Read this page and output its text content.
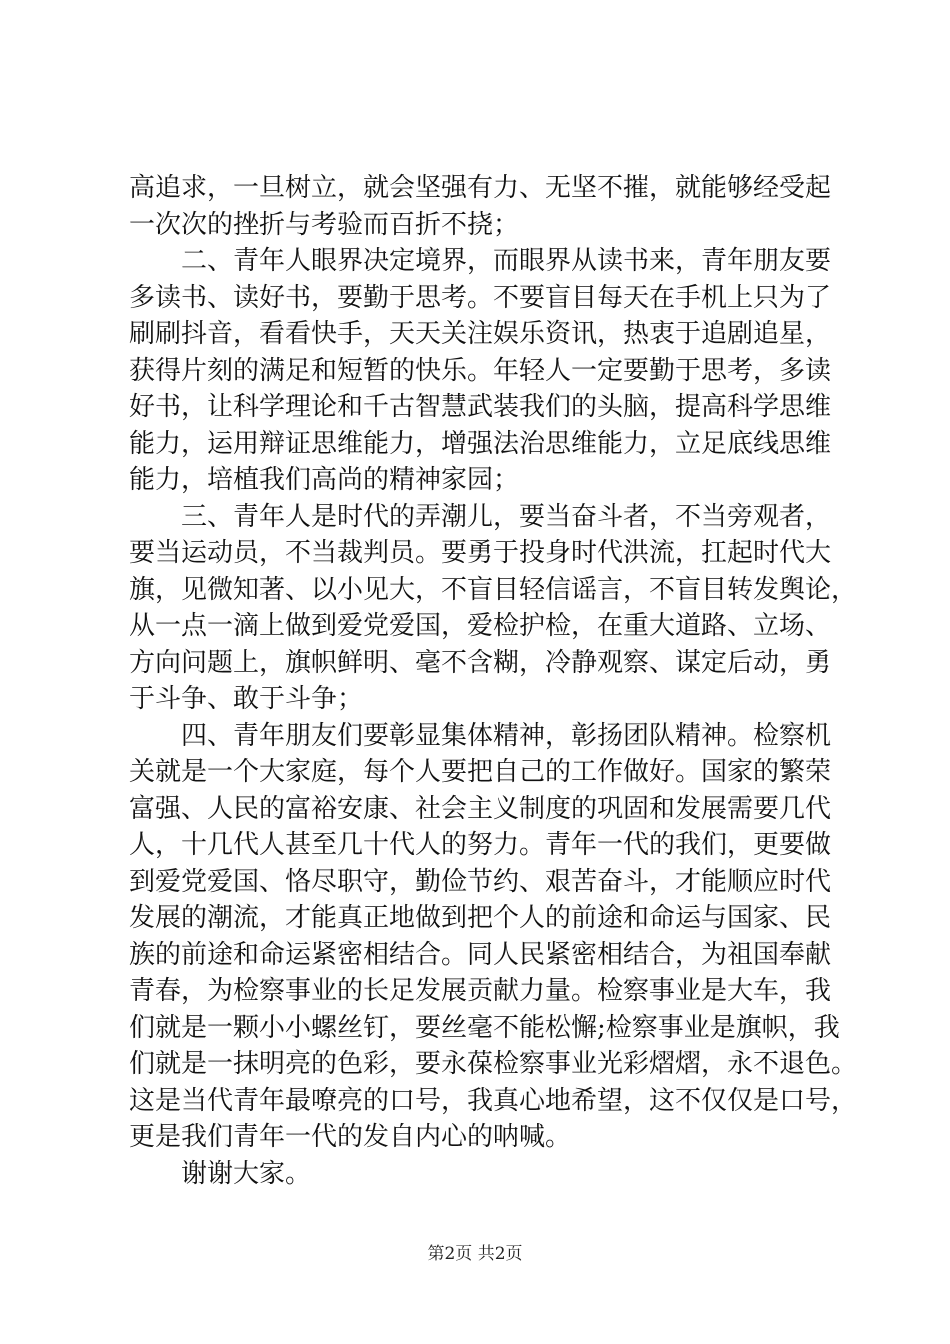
高追求，一旦树立，就会坚强有力、无坚不摧，就能够经受起
一次次的挫折与考验而百折不挠；
二、青年人眼界决定境界，而眼界从读书来，青年朋友要
多读书、读好书，要勤于思考。不要盲目每天在手机上只为了
刷刷抖音，看看快手，天天关注娱乐资讯，热衷于追剧追星，
获得片刻的满足和短暂的快乐。年轻人一定要勤于思考，多读
好书，让科学理论和千古智慧武装我们的头脑，提高科学思维
能力，运用辩证思维能力，增强法治思维能力，立足底线思维
能力，培植我们高尚的精神家园；
三、青年人是时代的弄潮儿，要当奋斗者，不当旁观者，
要当运动员，不当裁判员。要勇于投身时代洪流，扛起时代大
旗，见微知著、以小见大，不盲目轻信谣言，不盲目转发舆论，
从一点一滴上做到爱党爱国，爱检护检，在重大道路、立场、
方向问题上，旗帜鲜明、毫不含糊，冷静观察、谋定后动，勇
于斗争、敢于斗争；
四、青年朋友们要彰显集体精神，彰扬团队精神。检察机
关就是一个大家庭，每个人要把自己的工作做好。国家的繁荣
富强、人民的富裕安康、社会主义制度的巩固和发展需要几代
人，十几代人甚至几十代人的努力。青年一代的我们，更要做
到爱党爱国、恪尽职守，勤俭节约、艰苦奋斗，才能顺应时代
发展的潮流，才能真正地做到把个人的前途和命运与国家、民
族的前途和命运紧密相结合。同人民紧密相结合，为祖国奉献
青春，为检察事业的长足发展贡献力量。检察事业是大车，我
们就是一颗小小螺丝钉，要丝毫不能松懈;检察事业是旗帜，我
们就是一抹明亮的色彩，要永葆检察事业光彩熠熠，永不退色。
这是当代青年最嘹亮的口号，我真心地希望，这不仅仅是口号，
更是我们青年一代的发自内心的呐喊。
谢谢大家。
第2页 共2页
